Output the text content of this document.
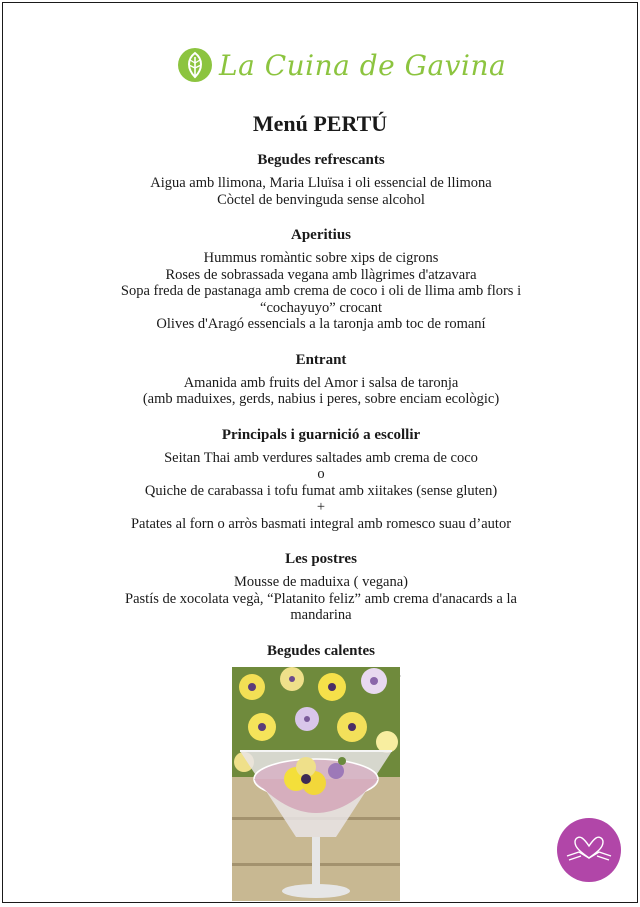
La Cuina de Gavina
Menú PERTÚ
Begudes refrescants

Aigua amb llimona, Maria Lluïsa i oli essencial de llimona

Còctel de benvinguda sense alcohol

Aperitius

Hummus romàntic sobre xips de cigrons

Roses de sobrassada vegana amb llàgrimes d'atzavara

Sopa freda de pastanaga amb crema de coco i oli de llima amb flors i

“cochayuyo” crocant

Olives d'Aragó essencials a la taronja amb toc de romaní

Entrant

Amanida amb fruits del Amor i salsa de taronja

(amb maduixes, gerds, nabius i peres, sobre enciam ecològic)

Principals i guarnició a escollir

Seitan Thai amb verdures saltades amb crema de coco

o

Quiche de carabassa i tofu fumat amb xiitakes (sense gluten)

+

Patates al forn o arròs basmati integral amb romesco suau d’autor

Les postres

Mousse de maduixa ( vegana)

Pastís de xocolata vegà, “Platanito feliz” amb crema d'anacards a la

mandarina

Begudes calentes
